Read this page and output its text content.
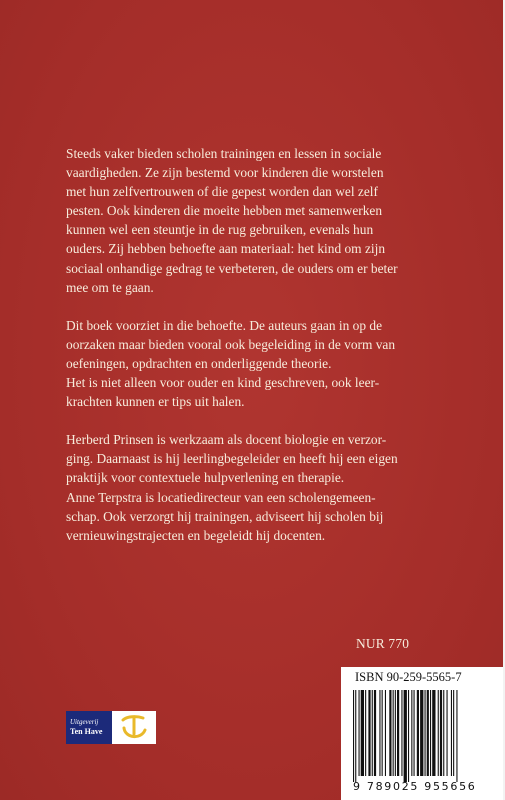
Steeds vaker bieden scholen trainingen en lessen in sociale
vaardigheden. Ze zijn bestemd voor kinderen die worstelen
met hun zelfvertrouwen of die gepest worden dan wel zelf
pesten. Ook kinderen die moeite hebben met samenwerken
kunnen wel een steuntje in de rug gebruiken, evenals hun
ouders. Zij hebben behoefte aan materiaal: het kind om zijn
sociaal onhandige gedrag te verbeteren, de ouders om er beter
mee om te gaan.

Dit boek voorziet in die behoefte. De auteurs gaan in op de
oorzaken maar bieden vooral ook begeleiding in de vorm van
oefeningen, opdrachten en onderliggende theorie.
Het is niet alleen voor ouder en kind geschreven, ook leer-
krachten kunnen er tips uit halen.

Herberd Prinsen is werkzaam als docent biologie en verzor-
ging. Daarnaast is hij leerlingbegeleider en heeft hij een eigen
praktijk voor contextuele hulpverlening en therapie.
Anne Terpstra is locatiedirecteur van een scholengemeen-
schap. Ook verzorgt hij trainingen, adviseert hij scholen bij
vernieuwingstrajecten en begeleidt hij docenten.

NUR 770
Uitgeverij
Ten Have
ISBN 90-259-5565-7
9 789025 955656
